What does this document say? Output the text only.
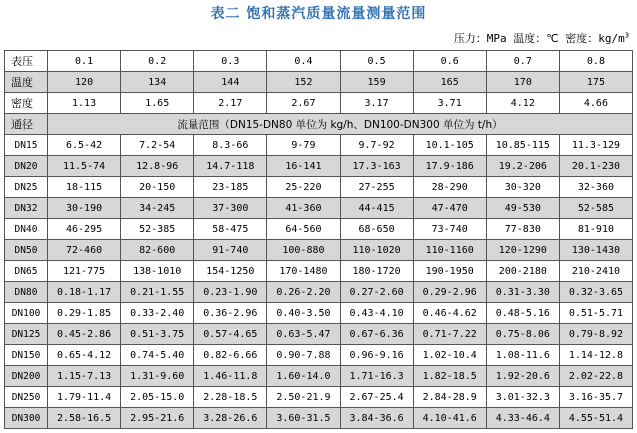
表二 饱和蒸汽质量流量测量范围
压力：MPa 温度：℃ 密度：$kg/m^3$
表压	0.1	0.2	0.3	0.4	0.5	0.6	0.7	0.8
温度	120	134	144	152	159	165	170	175
密度	1.13	1.65	2.17	2.67	3.17	3.71	4.12	4.66
通径	流量范围（DN15-DN80 单位为 kg/h、DN100-DN300 单位为 t/h）							
DN15	6.5-42	7.2-54	8.3-66	9-79	9.7-92	10.1-105	10.85-115	11.3-129
DN20	11.5-74	12.8-96	14.7-118	16-141	17.3-163	17.9-186	19.2-206	20.1-230
DN25	18-115	20-150	23-185	25-220	27-255	28-290	30-320	32-360
DN32	30-190	34-245	37-300	41-360	44-415	47-470	49-530	52-585
DN40	46-295	52-385	58-475	64-560	68-650	73-740	77-830	81-910
DN50	72-460	82-600	91-740	100-880	110-1020	110-1160	120-1290	130-1430
DN65	121-775	138-1010	154-1250	170-1480	180-1720	190-1950	200-2180	210-2410
DN80	0.18-1.17	0.21-1.55	0.23-1.90	0.26-2.20	0.27-2.60	0.29-2.96	0.31-3.30	0.32-3.65
DN100	0.29-1.85	0.33-2.40	0.36-2.96	0.40-3.50	0.43-4.10	0.46-4.62	0.48-5.16	0.51-5.71
DN125	0.45-2.86	0.51-3.75	0.57-4.65	0.63-5.47	0.67-6.36	0.71-7.22	0.75-8.06	0.79-8.92
DN150	0.65-4.12	0.74-5.40	0.82-6.66	0.90-7.88	0.96-9.16	1.02-10.4	1.08-11.6	1.14-12.8
DN200	1.15-7.13	1.31-9.60	1.46-11.8	1.60-14.0	1.71-16.3	1.82-18.5	1.92-20.6	2.02-22.8
DN250	1.79-11.4	2.05-15.0	2.28-18.5	2.50-21.9	2.67-25.4	2.84-28.9	3.01-32.3	3.16-35.7
DN300	2.58-16.5	2.95-21.6	3.28-26.6	3.60-31.5	3.84-36.6	4.10-41.6	4.33-46.4	4.55-51.4
